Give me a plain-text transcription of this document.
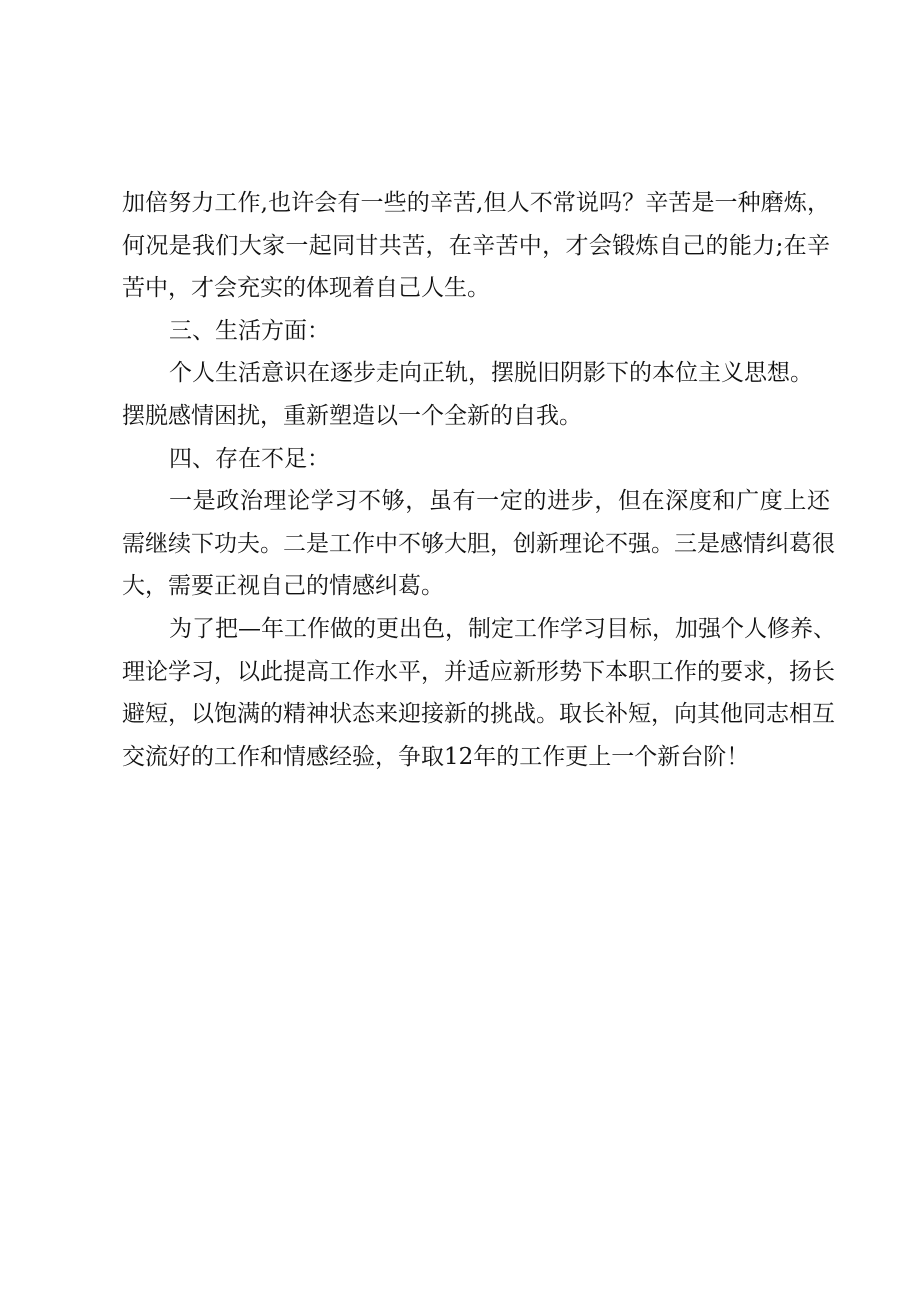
加倍努力工作,也许会有一些的辛苦,但人不常说吗？辛苦是一种磨炼，
何况是我们大家一起同甘共苦，在辛苦中，才会锻炼自己的能力;在辛
苦中，才会充实的体现着自己人生。
三、生活方面：
个人生活意识在逐步走向正轨，摆脱旧阴影下的本位主义思想。
摆脱感情困扰，重新塑造以一个全新的自我。
四、存在不足：
一是政治理论学习不够，虽有一定的进步，但在深度和广度上还
需继续下功夫。二是工作中不够大胆，创新理论不强。三是感情纠葛很
大，需要正视自己的情感纠葛。
为了把—年工作做的更出色，制定工作学习目标，加强个人修养、
理论学习，以此提高工作水平，并适应新形势下本职工作的要求，扬长
避短，以饱满的精神状态来迎接新的挑战。取长补短，向其他同志相互
交流好的工作和情感经验，争取12年的工作更上一个新台阶！
